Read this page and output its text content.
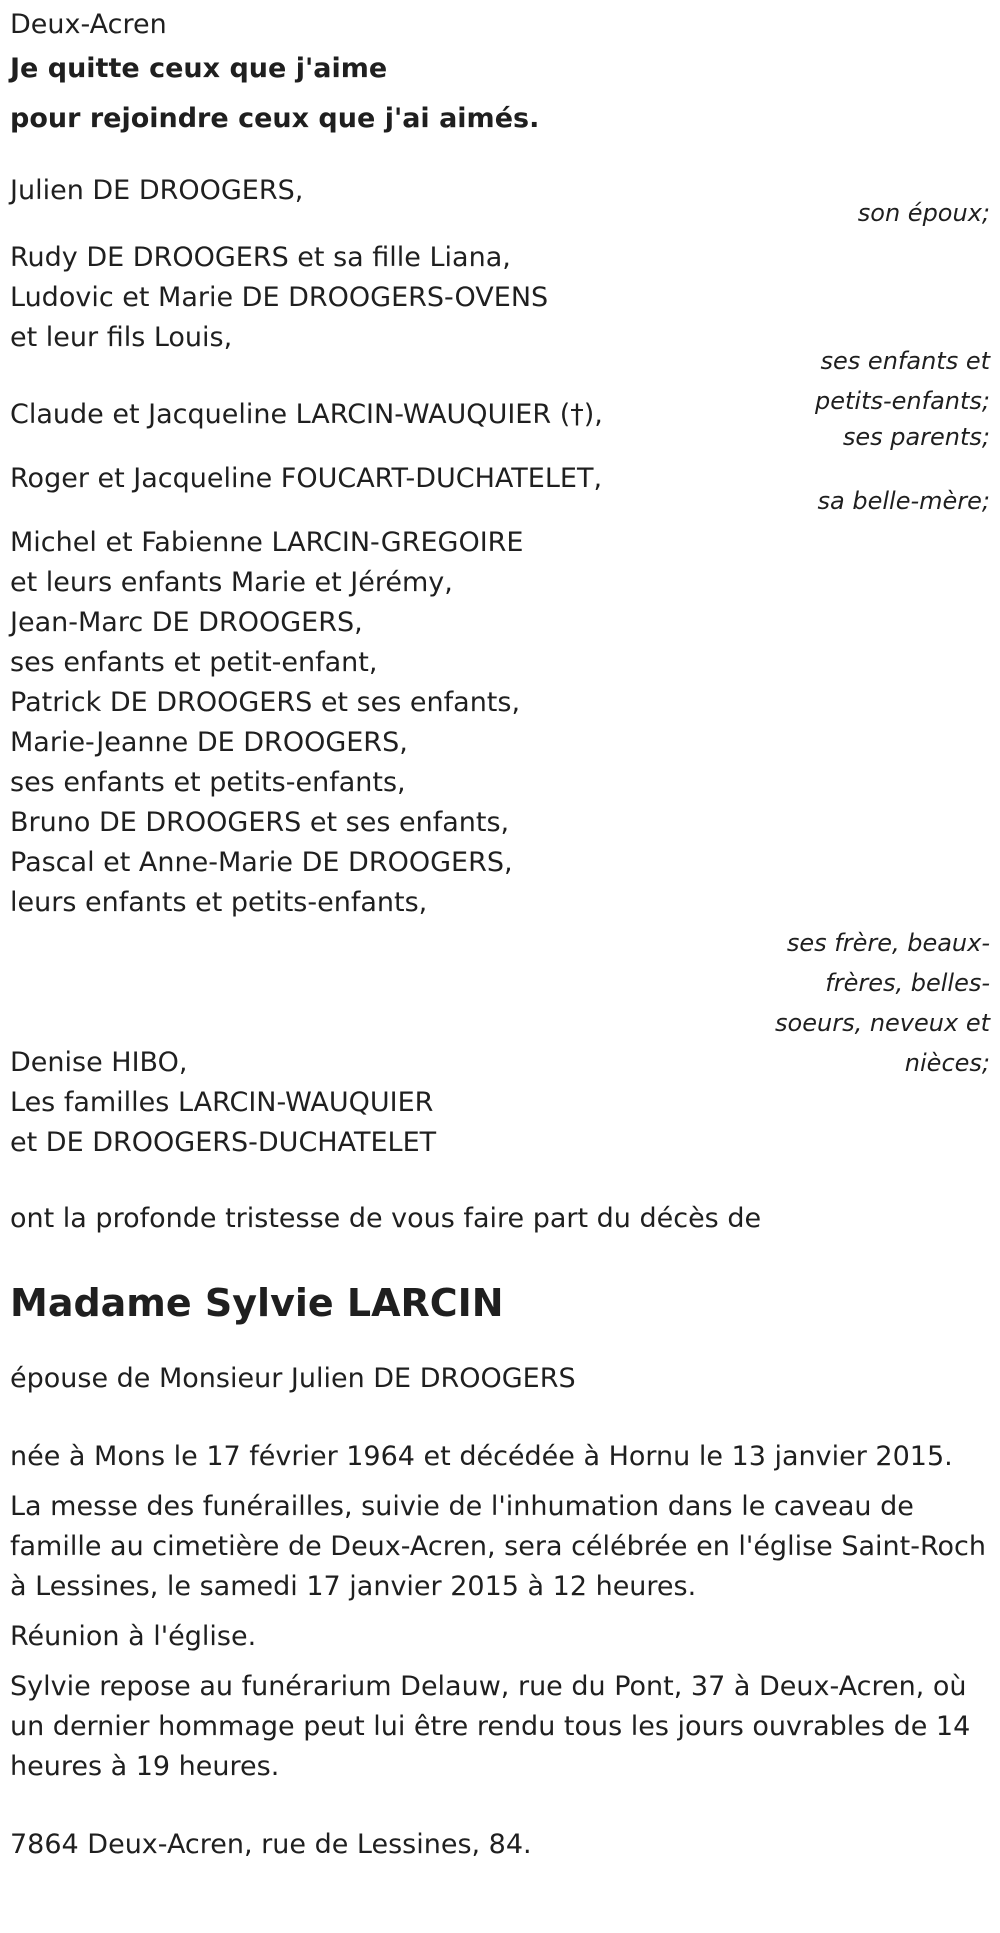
Deux-Acren
Je quitte ceux que j'aime
pour rejoindre ceux que j'ai aimés.
Julien DE DROOGERS,
son époux;
Rudy DE DROOGERS et sa fille Liana,
Ludovic et Marie DE DROOGERS-OVENS
et leur fils Louis,
ses enfants et petits-enfants;
Claude et Jacqueline LARCIN-WAUQUIER (†),
ses parents;
Roger et Jacqueline FOUCART-DUCHATELET,
sa belle-mère;
Michel et Fabienne LARCIN-GREGOIRE
et leurs enfants Marie et Jérémy,
Jean-Marc DE DROOGERS,
ses enfants et petit-enfant,
Patrick DE DROOGERS et ses enfants,
Marie-Jeanne DE DROOGERS,
ses enfants et petits-enfants,
Bruno DE DROOGERS et ses enfants,
Pascal et Anne-Marie DE DROOGERS,
leurs enfants et petits-enfants,
ses frère, beaux-frères, belles-soeurs, neveux et nièces;
Denise HIBO,
Les familles LARCIN-WAUQUIER
et DE DROOGERS-DUCHATELET
ont la profonde tristesse de vous faire part du décès de
Madame Sylvie LARCIN
épouse de Monsieur Julien DE DROOGERS
née à Mons le 17 février 1964 et décédée à Hornu le 13 janvier 2015.
La messe des funérailles, suivie de l'inhumation dans le caveau de famille au cimetière de Deux-Acren, sera célébrée en l'église Saint-Roch à Lessines, le samedi 17 janvier 2015 à 12 heures.
Réunion à l'église.
Sylvie repose au funérarium Delauw, rue du Pont, 37 à Deux-Acren, où un dernier hommage peut lui être rendu tous les jours ouvrables de 14 heures à 19 heures.
7864 Deux-Acren, rue de Lessines, 84.
